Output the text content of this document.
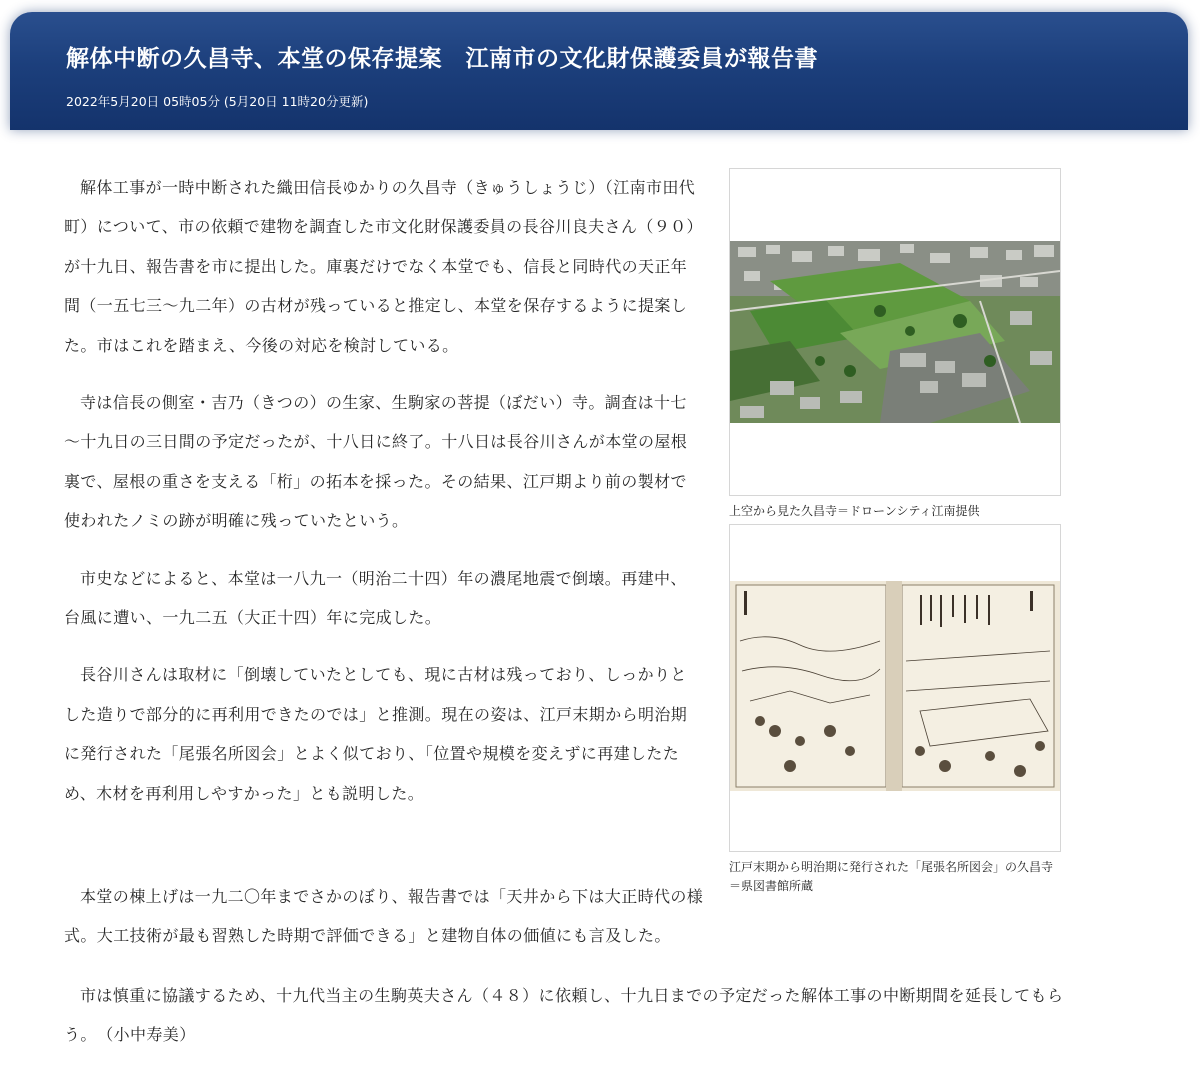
解体中断の久昌寺、本堂の保存提案　江南市の文化財保護委員が報告書
2022年5月20日 05時05分 (5月20日 11時20分更新)

解体工事が一時中断された織田信長ゆかりの久昌寺（きゅうしょうじ）（江南市田代町）について、市の依頼で建物を調査した市文化財保護委員の長谷川良夫さん（９０）が十九日、報告書を市に提出した。庫裏だけでなく本堂でも、信長と同時代の天正年間（一五七三～九二年）の古材が残っていると推定し、本堂を保存するように提案した。市はこれを踏まえ、今後の対応を検討している。

寺は信長の側室・吉乃（きつの）の生家、生駒家の菩提（ぼだい）寺。調査は十七～十九日の三日間の予定だったが、十八日に終了。十八日は長谷川さんが本堂の屋根裏で、屋根の重さを支える「桁」の拓本を採った。その結果、江戸期より前の製材で使われたノミの跡が明確に残っていたという。

市史などによると、本堂は一八九一（明治二十四）年の濃尾地震で倒壊。再建中、台風に遭い、一九二五（大正十四）年に完成した。

長谷川さんは取材に「倒壊していたとしても、現に古材は残っており、しっかりとした造りで部分的に再利用できたのでは」と推測。現在の姿は、江戸末期から明治期に発行された「尾張名所図会」とよく似ており、「位置や規模を変えずに再建したため、木材を再利用しやすかった」とも説明した。

本堂の棟上げは一九二〇年までさかのぼり、報告書では「天井から下は大正時代の様式。大工技術が最も習熟した時期で評価できる」と建物自体の価値にも言及した。

市は慎重に協議するため、十九代当主の生駒英夫さん（４８）に依頼し、十九日までの予定だった解体工事の中断期間を延長してもらう。　（小中寿美）

上空から見た久昌寺＝ドローンシティ江南提供
江戸末期から明治期に発行された「尾張名所図会」の久昌寺＝県図書館所蔵
